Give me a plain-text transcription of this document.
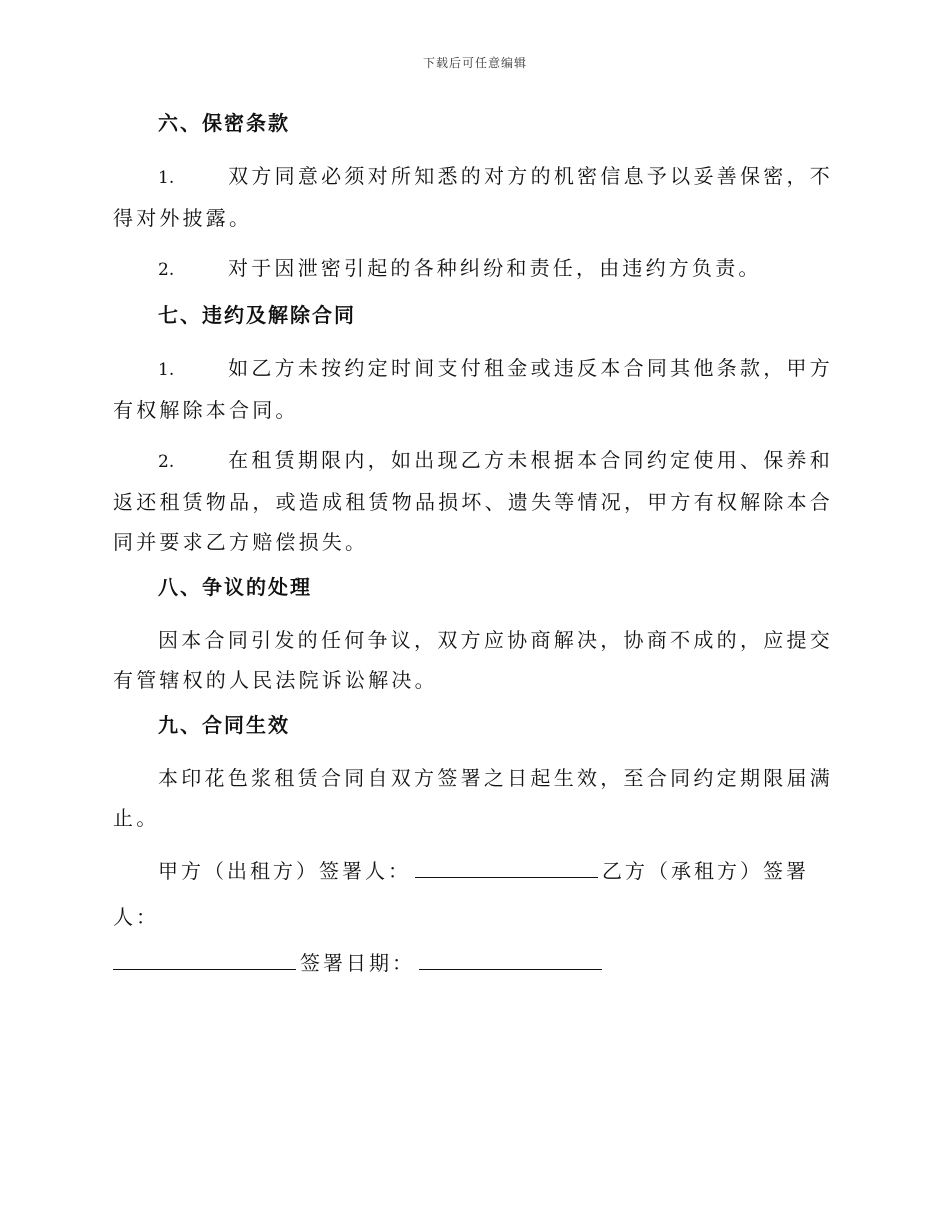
下载后可任意编辑
六、保密条款

1.	双方同意必须对所知悉的对方的机密信息予以妥善保密，不得对外披露。

2.	对于因泄密引起的各种纠纷和责任，由违约方负责。

七、违约及解除合同

1.	如乙方未按约定时间支付租金或违反本合同其他条款，甲方有权解除本合同。

2.	在租赁期限内，如出现乙方未根据本合同约定使用、保养和返还租赁物品，或造成租赁物品损坏、遗失等情况，甲方有权解除本合同并要求乙方赔偿损失。

八、争议的处理

因本合同引发的任何争议，双方应协商解决，协商不成的，应提交有管辖权的人民法院诉讼解决。

九、合同生效

本印花色浆租赁合同自双方签署之日起生效，至合同约定期限届满止。

甲方（出租方）签署人：	乙方（承租方）签署人：

签署日期：
